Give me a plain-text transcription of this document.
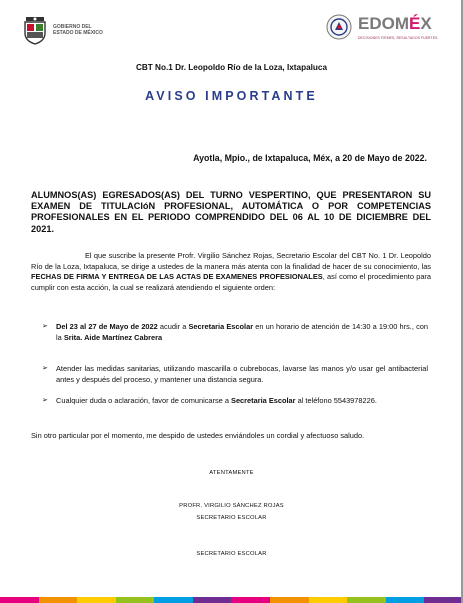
GOBIERNO DEL
ESTADO DE MÉXICO	EDOMÉX
DECISIONES FIRMES, RESULTADOS FUERTES.
CBT No.1 Dr. Leopoldo Río de la Loza, Ixtapaluca
AVISO IMPORTANTE
Ayotla, Mpio., de Ixtapaluca, Méx, a 20 de Mayo de 2022.
ALUMNOS(AS) EGRESADOS(AS) DEL TURNO VESPERTINO, QUE PRESENTARON SU EXAMEN DE TITULACIóN PROFESIONAL, AUTOMÁTICA O POR COMPETENCIAS PROFESIONALES EN EL PERIODO COMPRENDIDO DEL 06 AL 10 DE DICIEMBRE DEL 2021.
El que suscribe la presente Profr. Virgilio Sánchez Rojas, Secretario Escolar del CBT No. 1 Dr. Leopoldo Río de la Loza, Ixtapaluca, se dirige a ustedes de la manera más atenta con la finalidad de hacer de su conocimiento, las FECHAS DE FIRMA Y ENTREGA DE LAS ACTAS DE EXAMENES PROFESIONALES, así como el procedimiento para cumplir con esta acción, la cual se realizará atendiendo el siguiente orden:
➢ Del 23 al 27 de Mayo de 2022 acudir a Secretaria Escolar en un horario de atención de 14:30 a 19:00 hrs., con la Srita. Aide Martínez Cabrera
➢ Atender las medidas sanitarias, utilizando mascarilla o cubrebocas, lavarse las manos y/o usar gel antibacterial antes y después del proceso, y mantener una distancia segura.
➢ Cualquier duda o aclaración, favor de comunicarse a Secretaria Escolar al teléfono 5543978226.
Sin otro particular por el momento, me despido de ustedes enviándoles un cordial y afectuoso saludo.
ATENTAMENTE
PROFR. VIRGILIO SÁNCHEZ ROJAS
SECRETARIO ESCOLAR
SECRETARIO ESCOLAR
